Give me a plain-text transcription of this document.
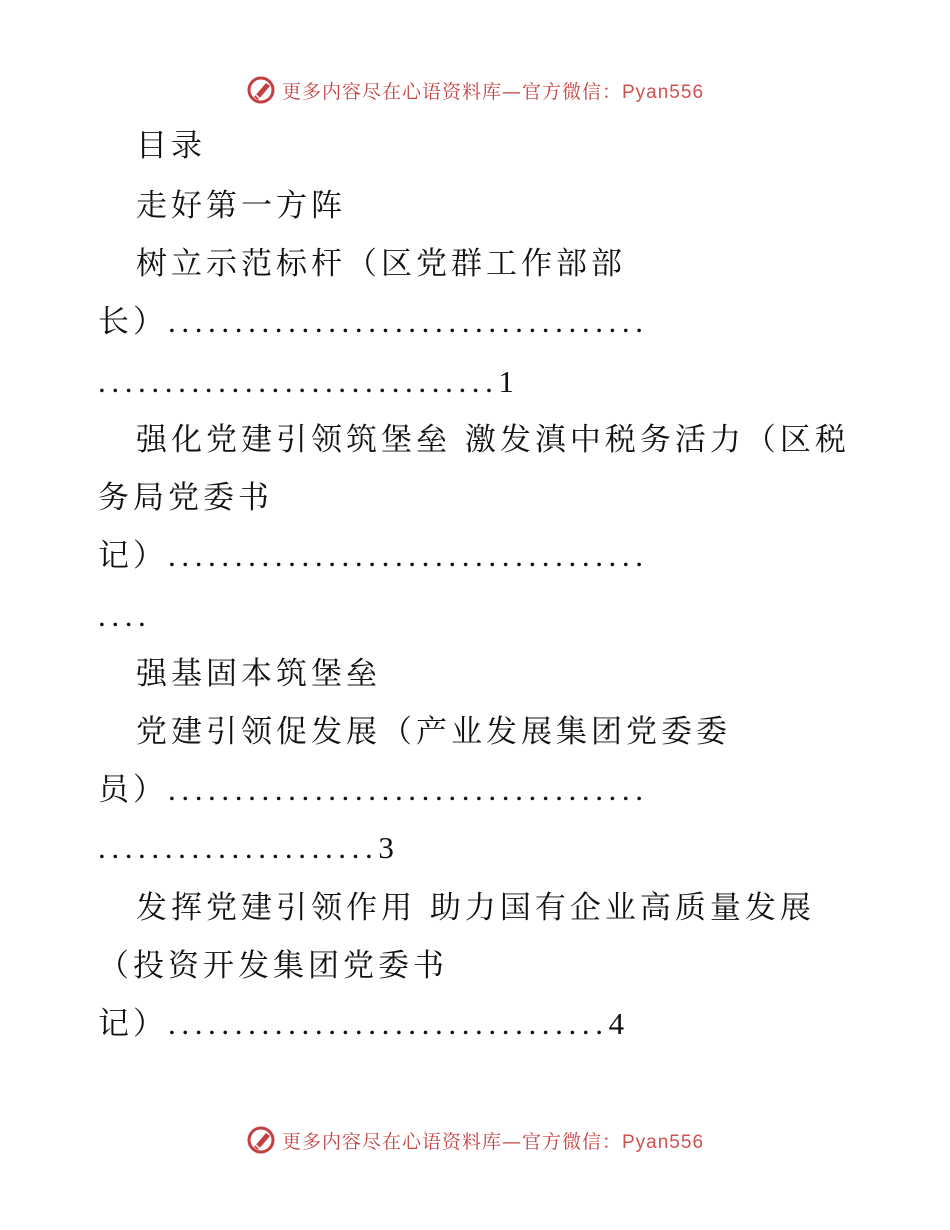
更多内容尽在心语资料库—官方微信：Pyan556
目录
走好第一方阵
树立示范标杆（区党群工作部部
长）....................................
..............................1
强化党建引领筑堡垒 激发滇中税务活力（区税
务局党委书
记）....................................
....
强基固本筑堡垒
党建引领促发展（产业发展集团党委委
员）....................................
.....................3
发挥党建引领作用 助力国有企业高质量发展
（投资开发集团党委书
记）.................................4
更多内容尽在心语资料库—官方微信：Pyan556
